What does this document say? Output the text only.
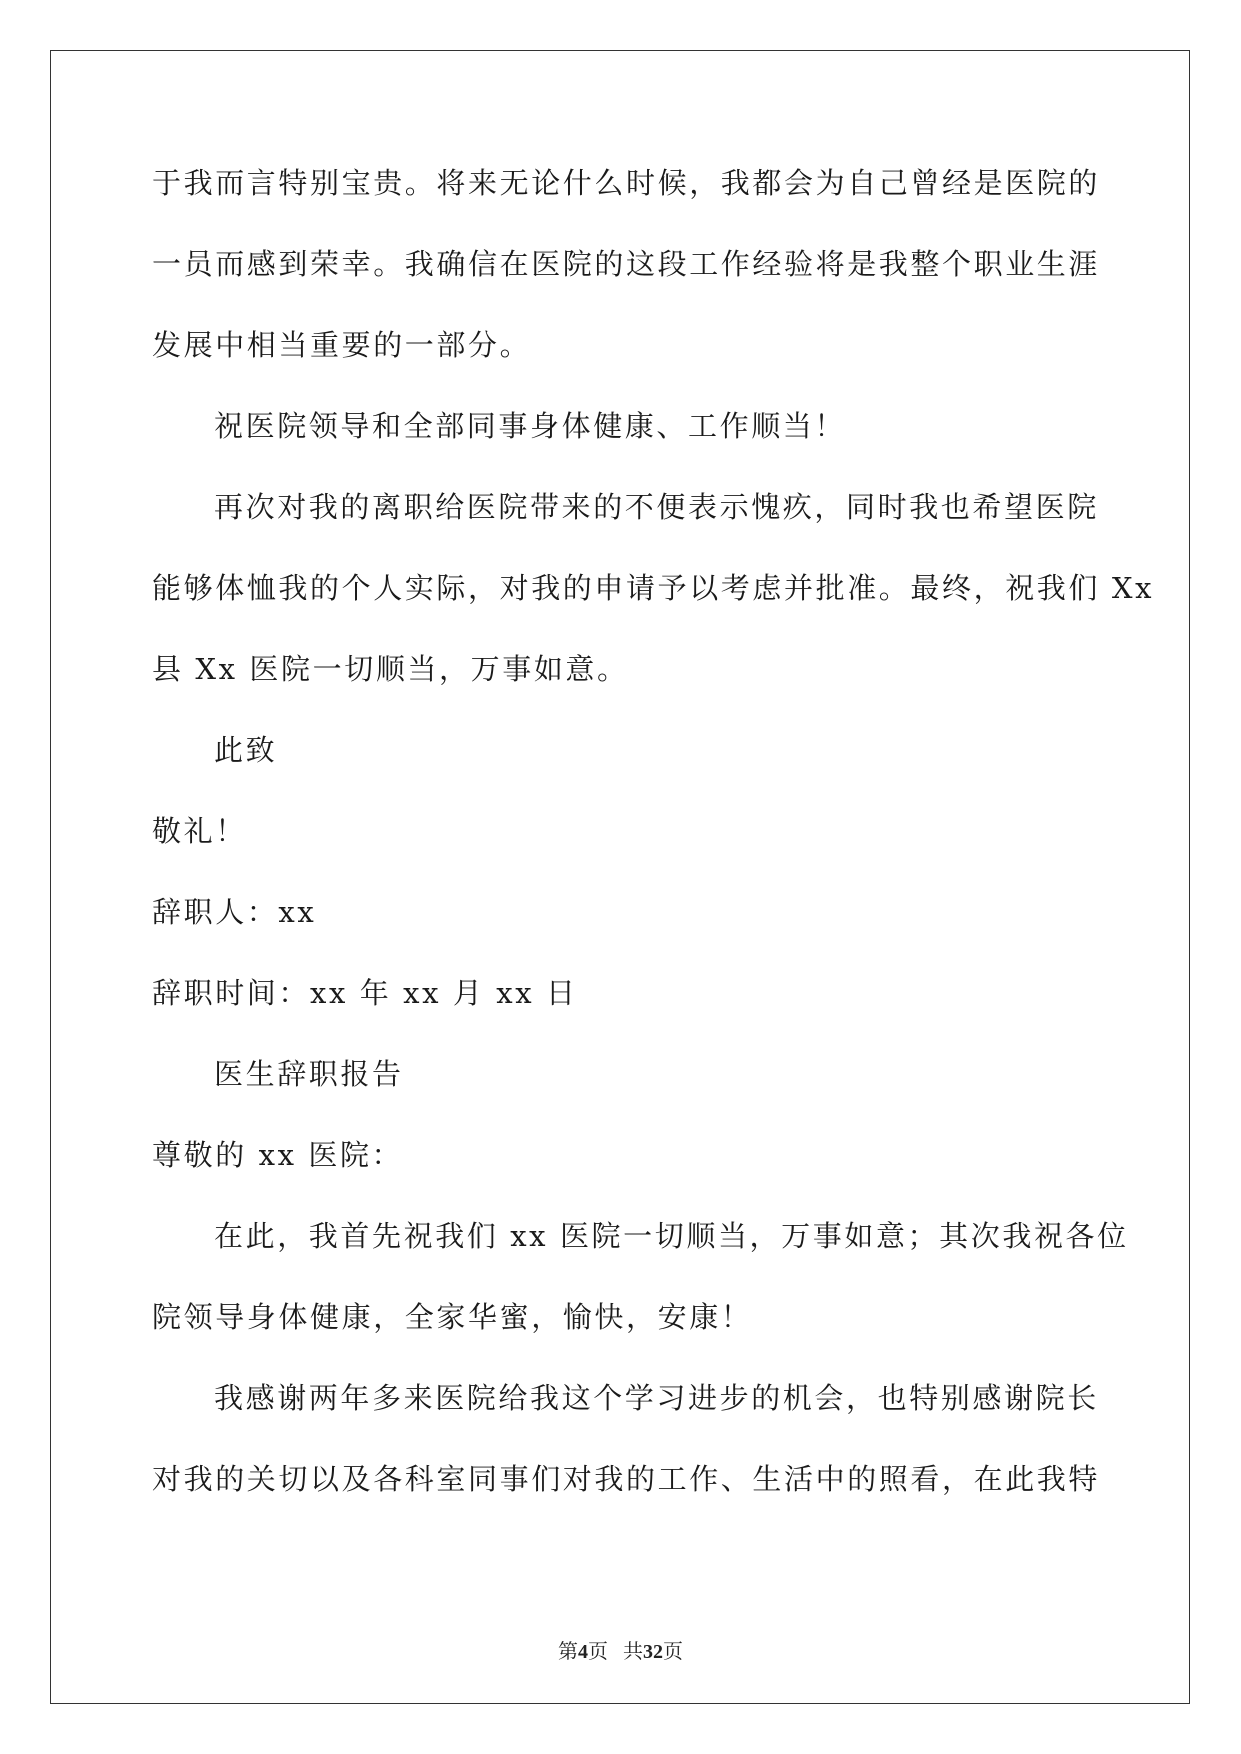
于我而言特别宝贵。将来无论什么时候，我都会为自己曾经是医院的
一员而感到荣幸。我确信在医院的这段工作经验将是我整个职业生涯
发展中相当重要的一部分。
祝医院领导和全部同事身体健康、工作顺当！
再次对我的离职给医院带来的不便表示愧疚，同时我也希望医院
能够体恤我的个人实际，对我的申请予以考虑并批准。最终，祝我们 Xx
县 Xx 医院一切顺当，万事如意。
此致
敬礼！
辞职人：xx
辞职时间：xx 年 xx 月 xx 日
医生辞职报告
尊敬的 xx 医院：
在此，我首先祝我们 xx 医院一切顺当，万事如意；其次我祝各位
院领导身体健康，全家华蜜，愉快，安康！
我感谢两年多来医院给我这个学习进步的机会，也特别感谢院长
对我的关切以及各科室同事们对我的工作、生活中的照看，在此我特
第4页 共32页
